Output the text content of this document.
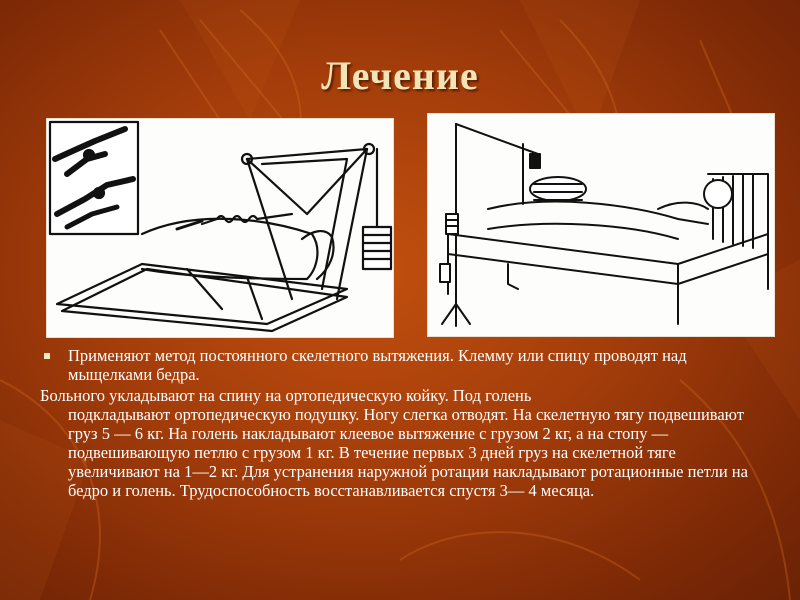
Лечение
Применяют метод постоянного скелетного вытяжения. Клемму или спицу проводят над мыщелками бедра.
Больного укладывают на спину на ортопедическую койку. Под голень
подкладывают ортопедическую подушку. Ногу слегка отводят. На скелетную тягу подвешивают груз 5 — 6 кг. На голень накладывают клеевое вытяжение с грузом 2 кг, а на стопу — подвешивающую петлю с грузом 1 кг. В течение первых 3 дней груз на скелетной тяге увеличивают на 1—2 кг. Для устранения наружной ротации накладывают ротационные петли на бедро и голень. Трудоспособность восстанавливается спустя 3— 4 месяца.
